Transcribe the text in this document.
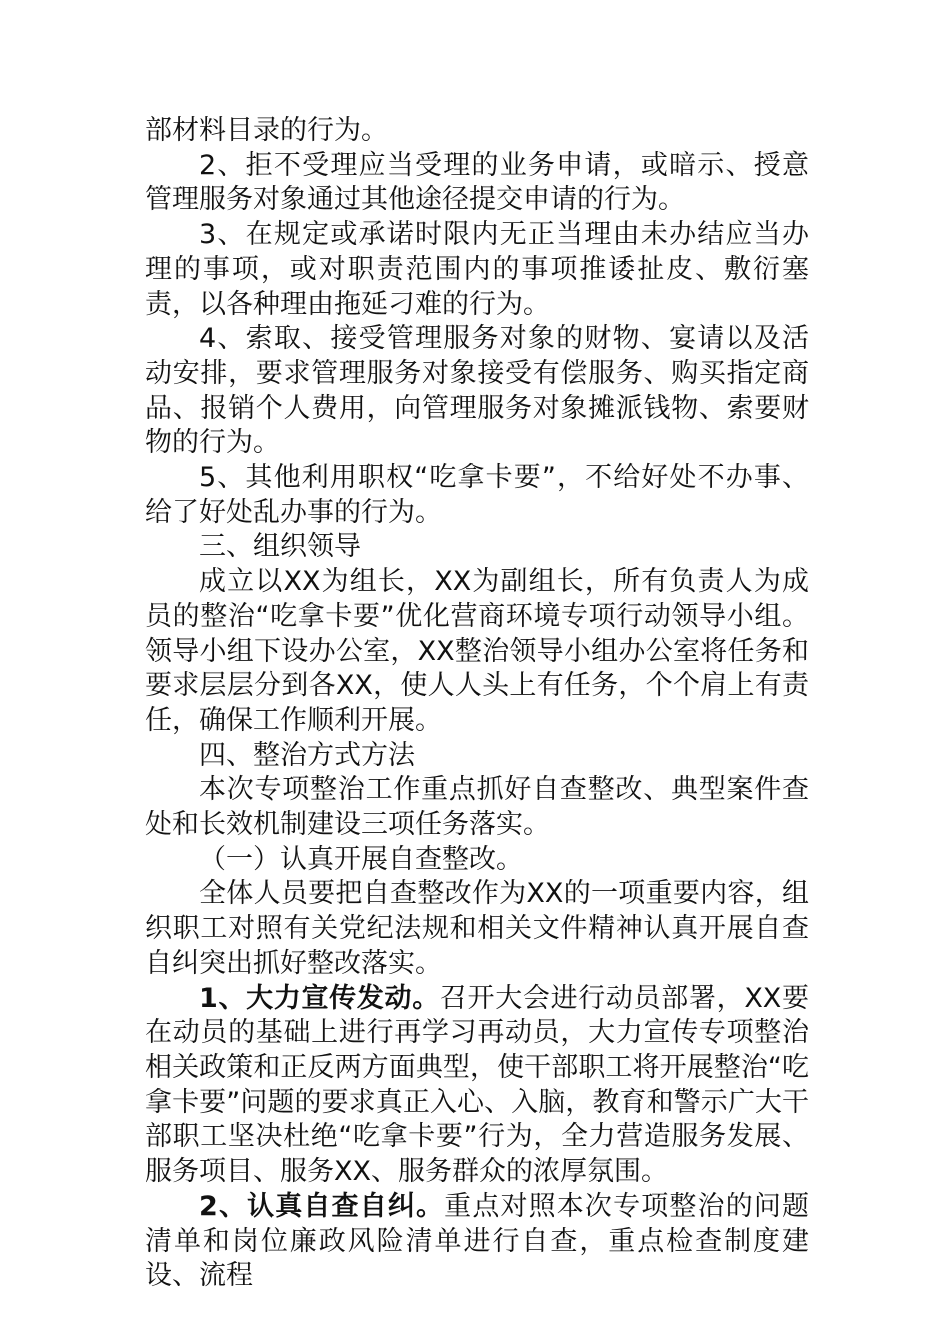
部材料目录的行为。

2、拒不受理应当受理的业务申请，或暗示、授意管理服务对象通过其他途径提交申请的行为。

3、在规定或承诺时限内无正当理由未办结应当办理的事项，或对职责范围内的事项推诿扯皮、敷衍塞责，以各种理由拖延刁难的行为。

4、索取、接受管理服务对象的财物、宴请以及活动安排，要求管理服务对象接受有偿服务、购买指定商品、报销个人费用，向管理服务对象摊派钱物、索要财物的行为。

5、其他利用职权“吃拿卡要”，不给好处不办事、给了好处乱办事的行为。

三、组织领导

成立以XX为组长，XX为副组长，所有负责人为成员的整治“吃拿卡要”优化营商环境专项行动领导小组。领导小组下设办公室，XX整治领导小组办公室将任务和要求层层分到各XX，使人人头上有任务，个个肩上有责任，确保工作顺利开展。

四、整治方式方法

本次专项整治工作重点抓好自查整改、典型案件查处和长效机制建设三项任务落实。

（一）认真开展自查整改。

全体人员要把自查整改作为XX的一项重要内容，组织职工对照有关党纪法规和相关文件精神认真开展自查自纠突出抓好整改落实。

1、大力宣传发动。召开大会进行动员部署，XX要在动员的基础上进行再学习再动员，大力宣传专项整治相关政策和正反两方面典型，使干部职工将开展整治“吃拿卡要”问题的要求真正入心、入脑，教育和警示广大干部职工坚决杜绝“吃拿卡要”行为，全力营造服务发展、服务项目、服务XX、服务群众的浓厚氛围。

2、认真自查自纠。重点对照本次专项整治的问题清单和岗位廉政风险清单进行自查，重点检查制度建设、流程
